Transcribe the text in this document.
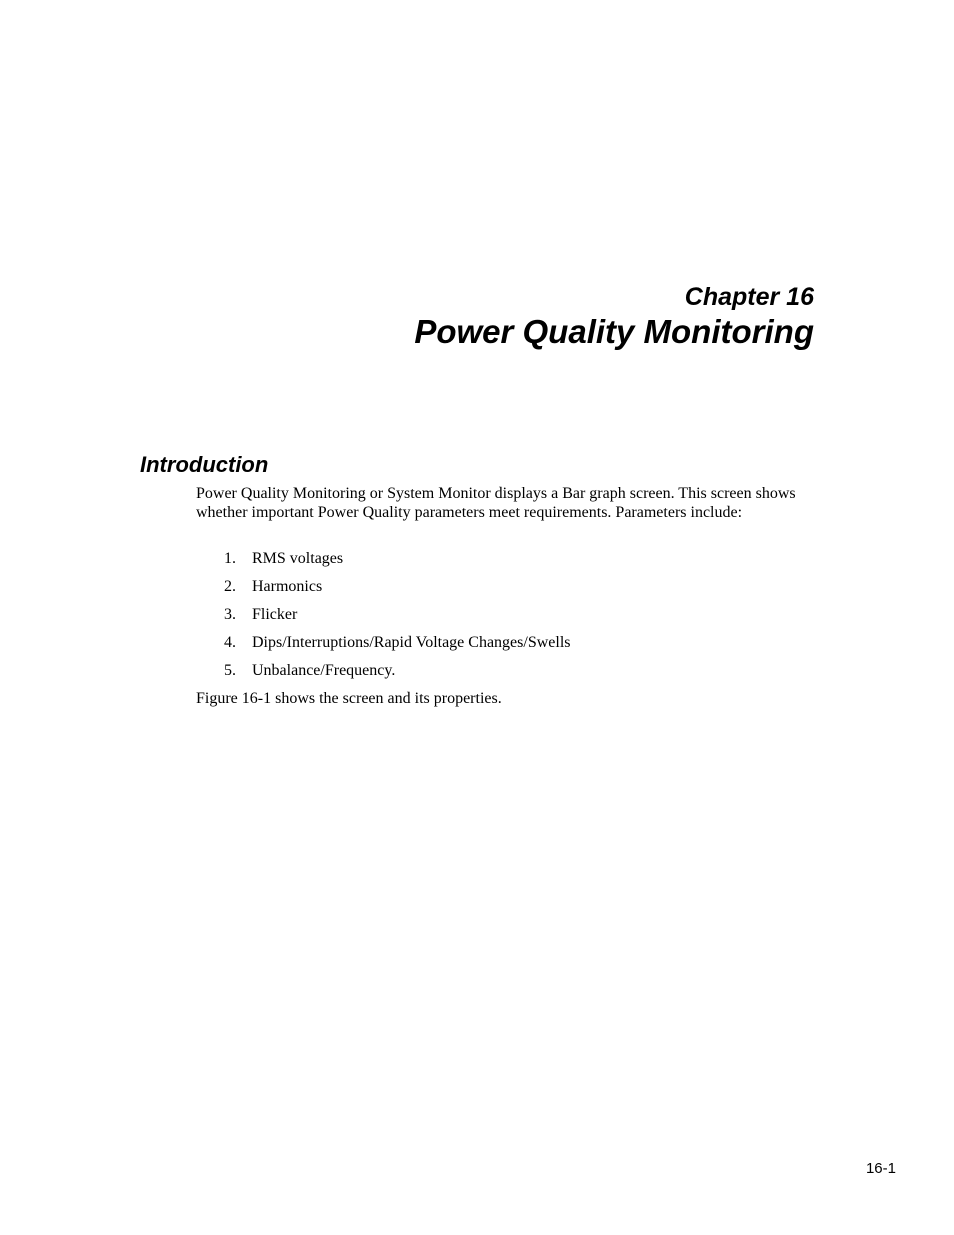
Chapter 16
Power Quality Monitoring
Introduction

Power Quality Monitoring or System Monitor displays a Bar graph screen. This screen shows whether important Power Quality parameters meet requirements. Parameters include:

1. RMS voltages
2. Harmonics
3. Flicker
4. Dips/Interruptions/Rapid Voltage Changes/Swells
5. Unbalance/Frequency.

Figure 16-1 shows the screen and its properties.

16-1
